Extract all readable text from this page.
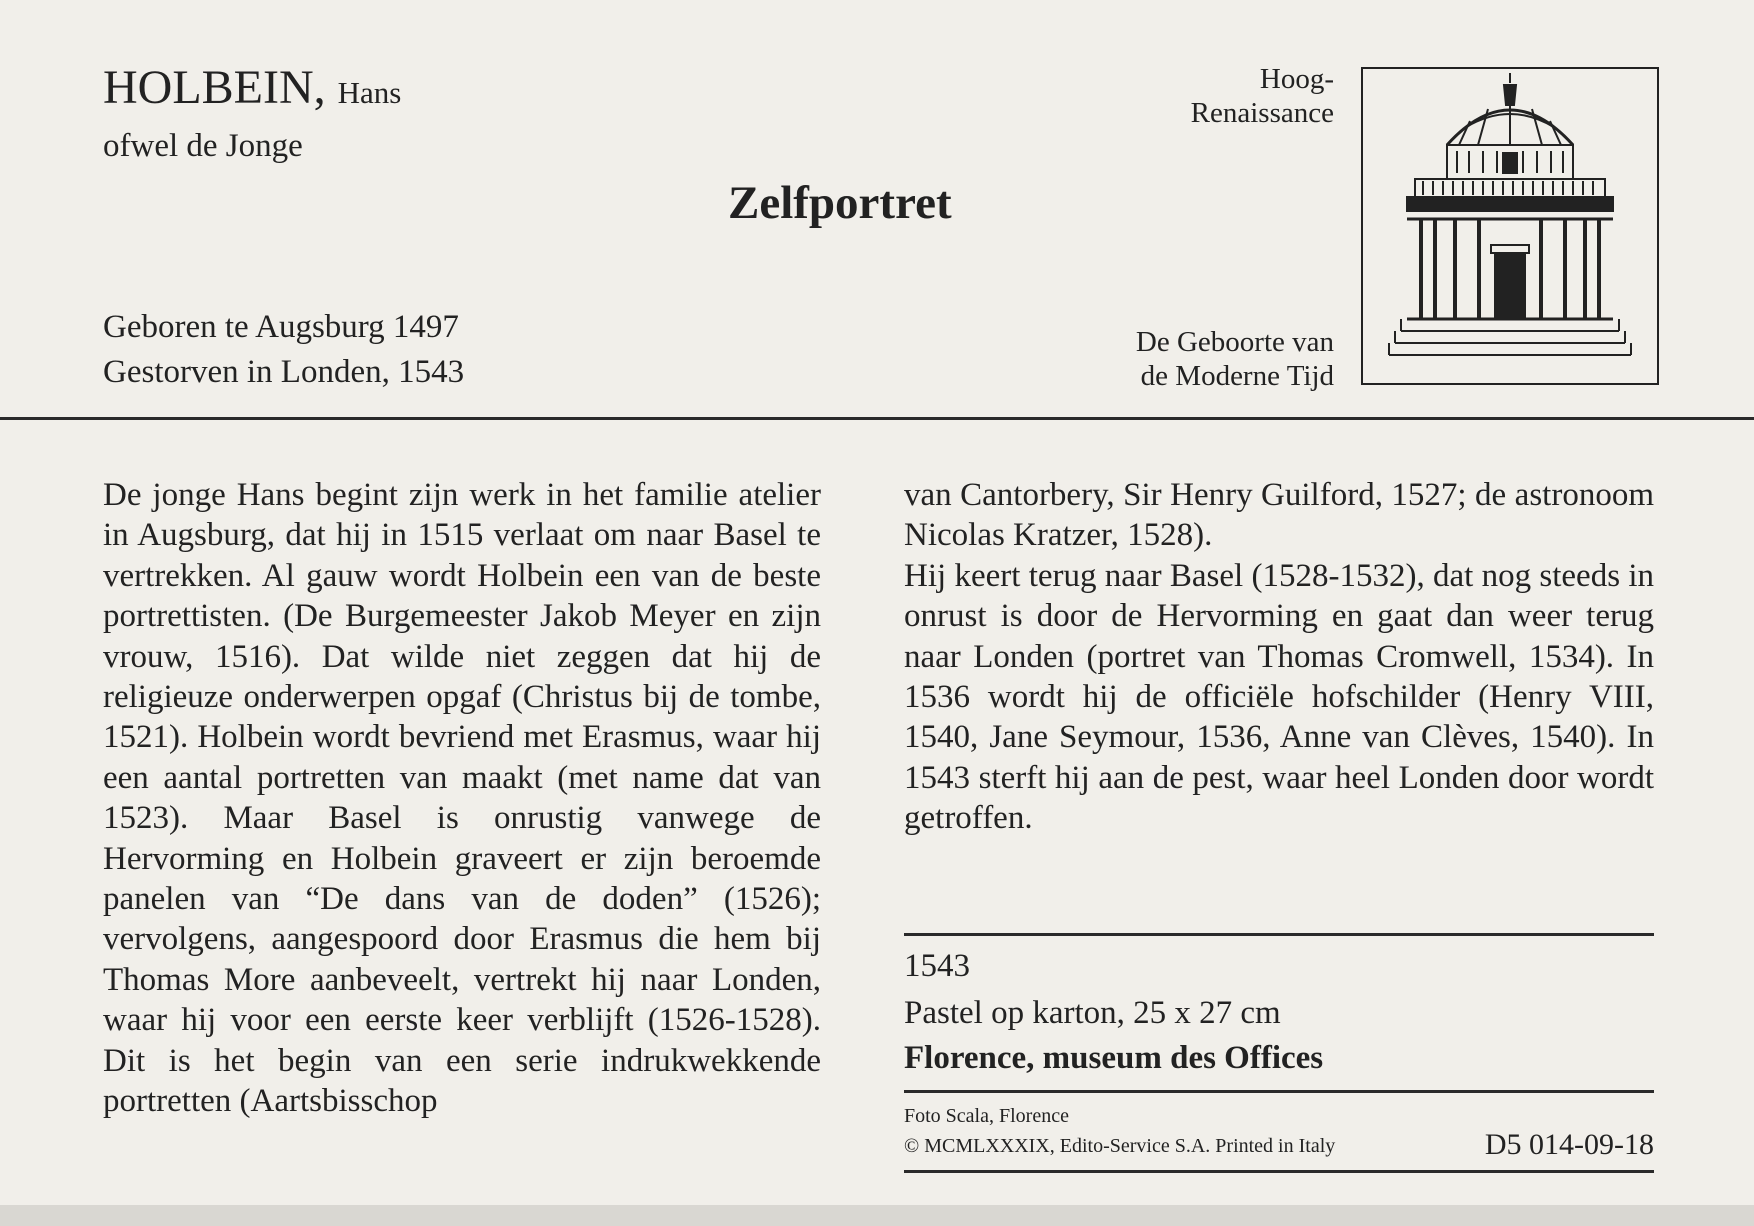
HOLBEIN, Hans
ofwel de Jonge
Zelfportret
Geboren te Augsburg 1497
Gestorven in Londen, 1543
Hoog-
Renaissance
De Geboorte van
de Moderne Tijd
De jonge Hans begint zijn werk in het familie atelier in Augsburg, dat hij in 1515 verlaat om naar Basel te vertrekken. Al gauw wordt Holbein een van de beste portrettisten. (De Burgemeester Jakob Meyer en zijn vrouw, 1516). Dat wilde niet zeggen dat hij de religieuze onderwerpen opgaf (Christus bij de tombe, 1521). Holbein wordt bevriend met Erasmus, waar hij een aantal portretten van maakt (met name dat van 1523). Maar Basel is onrustig vanwege de Hervorming en Holbein graveert er zijn beroemde panelen van “De dans van de doden” (1526); vervolgens, aangespoord door Erasmus die hem bij Thomas More aanbeveelt, vertrekt hij naar Londen, waar hij voor een eerste keer verblijft (1526-1528). Dit is het begin van een serie indrukwekkende portretten (Aartsbisschop
van Cantorbery, Sir Henry Guilford, 1527; de astronoom Nicolas Kratzer, 1528).
Hij keert terug naar Basel (1528-1532), dat nog steeds in onrust is door de Hervorming en gaat dan weer terug naar Londen (portret van Thomas Cromwell, 1534). In 1536 wordt hij de officiële hofschilder (Henry VIII, 1540, Jane Seymour, 1536, Anne van Clèves, 1540). In 1543 sterft hij aan de pest, waar heel Londen door wordt getroffen.
1543
Pastel op karton, 25 x 27 cm
Florence, museum des Offices
Foto Scala, Florence
© MCMLXXXIX, Edito-Service S.A. Printed in Italy	D5 014-09-18
